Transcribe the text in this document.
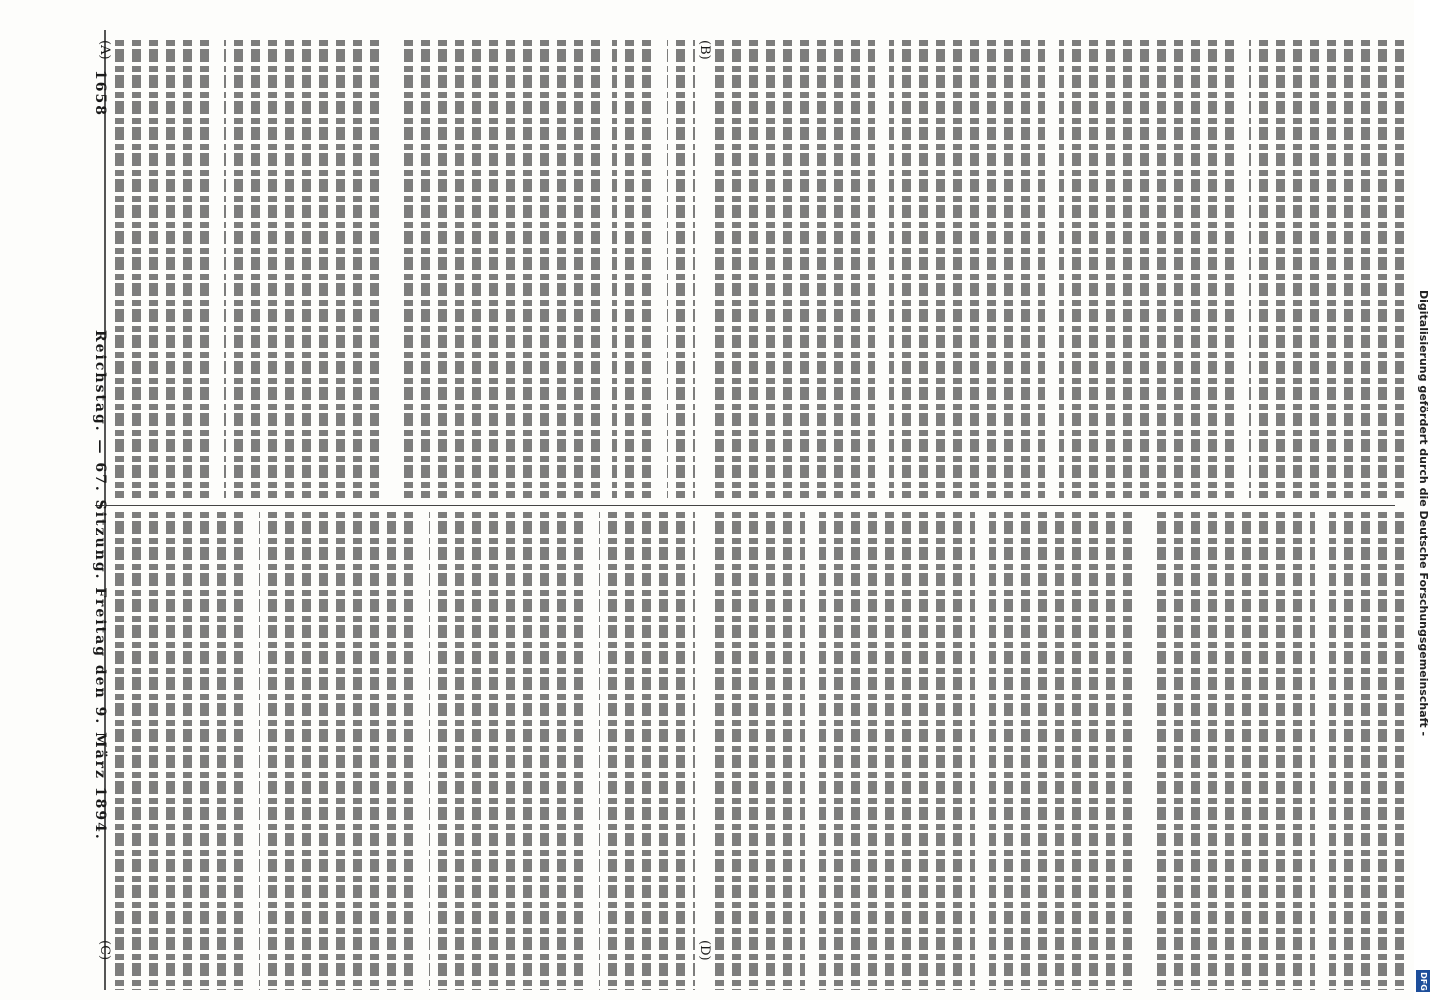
1658
Reichstag. — 67. Sitzung. Freitag den 9. März 1894.
(A)	(B)
(C)	(D)
Digitalisierung gefördert durch die Deutsche Forschungsgemeinschaft -
DFG
